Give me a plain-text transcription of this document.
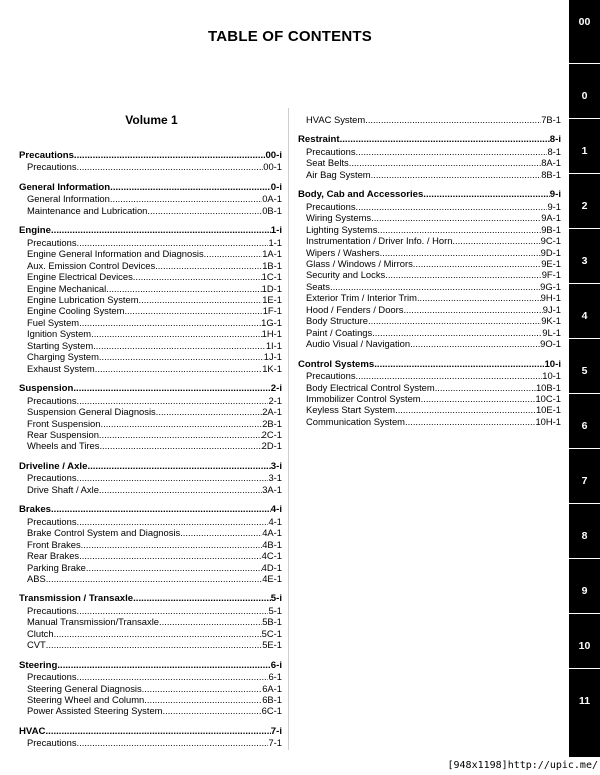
TABLE OF CONTENTS
Volume 1
Precautions .....	00-i
Precautions .....	00-1
General Information .....	0-i
General Information .....	0A-1
Maintenance and Lubrication .....	0B-1
Engine .....	1-i
Precautions .....	1-1
Engine General Information and Diagnosis .....	1A-1
Aux. Emission Control Devices .....	1B-1
Engine Electrical Devices .....	1C-1
Engine Mechanical .....	1D-1
Engine Lubrication System .....	1E-1
Engine Cooling System .....	1F-1
Fuel System .....	1G-1
Ignition System .....	1H-1
Starting System .....	1I-1
Charging System .....	1J-1
Exhaust System .....	1K-1
Suspension .....	2-i
Precautions .....	2-1
Suspension General Diagnosis .....	2A-1
Front Suspension .....	2B-1
Rear Suspension .....	2C-1
Wheels and Tires .....	2D-1
Driveline / Axle .....	3-i
Precautions .....	3-1
Drive Shaft / Axle .....	3A-1
Brakes .....	4-i
Precautions .....	4-1
Brake Control System and Diagnosis .....	4A-1
Front Brakes .....	4B-1
Rear Brakes .....	4C-1
Parking Brake .....	4D-1
ABS .....	4E-1
Transmission / Transaxle .....	5-i
Precautions .....	5-1
Manual Transmission/Transaxle .....	5B-1
Clutch .....	5C-1
CVT .....	5E-1
Steering .....	6-i
Precautions .....	6-1
Steering General Diagnosis .....	6A-1
Steering Wheel and Column .....	6B-1
Power Assisted Steering System .....	6C-1
HVAC .....	7-i
Precautions .....	7-1
HVAC System .....	7B-1
Restraint .....	8-i
Precautions .....	8-1
Seat Belts .....	8A-1
Air Bag System .....	8B-1
Body, Cab and Accessories .....	9-i
Precautions .....	9-1
Wiring Systems .....	9A-1
Lighting Systems .....	9B-1
Instrumentation / Driver Info. / Horn .....	9C-1
Wipers / Washers .....	9D-1
Glass / Windows / Mirrors .....	9E-1
Security and Locks .....	9F-1
Seats .....	9G-1
Exterior Trim / Interior Trim .....	9H-1
Hood / Fenders / Doors .....	9J-1
Body Structure .....	9K-1
Paint / Coatings .....	9L-1
Audio Visual / Navigation .....	9O-1
Control Systems .....	10-i
Precautions .....	10-1
Body Electrical Control System .....	10B-1
Immobilizer Control System .....	10C-1
Keyless Start System .....	10E-1
Communication System .....	10H-1
00
0
1
2
3
4
5
6
7
8
9
10
11
[948x1198]http://upic.me/
